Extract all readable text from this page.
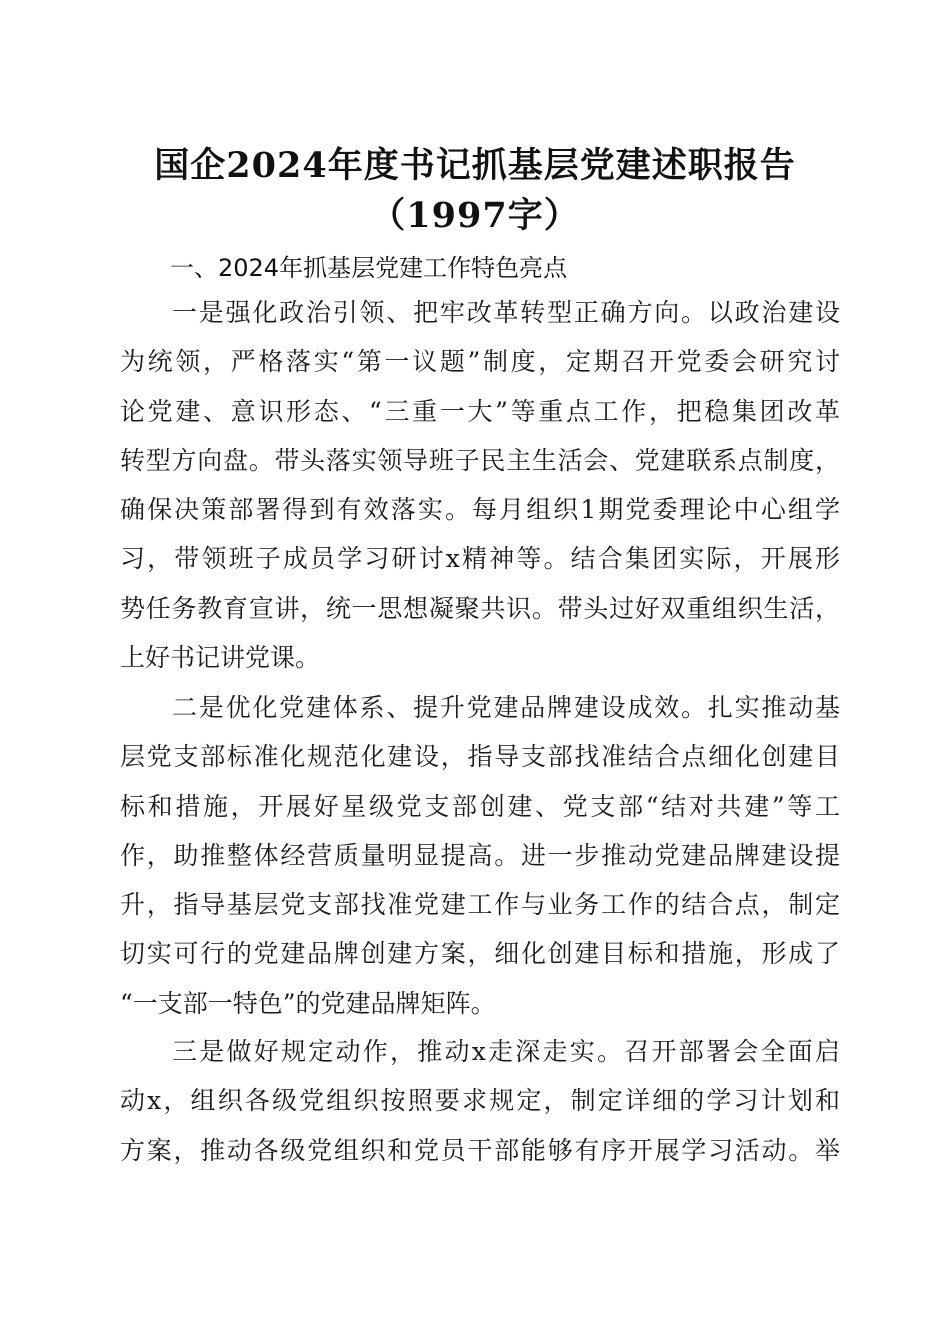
国企2024年度书记抓基层党建述职报告
（1997字）
一、2024年抓基层党建工作特色亮点
一是强化政治引领、把牢改革转型正确方向。以政治建设
为统领，严格落实“第一议题”制度，定期召开党委会研究讨
论党建、意识形态、“三重一大”等重点工作，把稳集团改革
转型方向盘。带头落实领导班子民主生活会、党建联系点制度，
确保决策部署得到有效落实。每月组织1期党委理论中心组学
习，带领班子成员学习研讨x精神等。结合集团实际，开展形
势任务教育宣讲，统一思想凝聚共识。带头过好双重组织生活，
上好书记讲党课。
二是优化党建体系、提升党建品牌建设成效。扎实推动基
层党支部标准化规范化建设，指导支部找准结合点细化创建目
标和措施，开展好星级党支部创建、党支部“结对共建”等工
作，助推整体经营质量明显提高。进一步推动党建品牌建设提
升，指导基层党支部找准党建工作与业务工作的结合点，制定
切实可行的党建品牌创建方案，细化创建目标和措施，形成了
“一支部一特色”的党建品牌矩阵。
三是做好规定动作，推动x走深走实。召开部署会全面启
动x，组织各级党组织按照要求规定，制定详细的学习计划和
方案，推动各级党组织和党员干部能够有序开展学习活动。举
